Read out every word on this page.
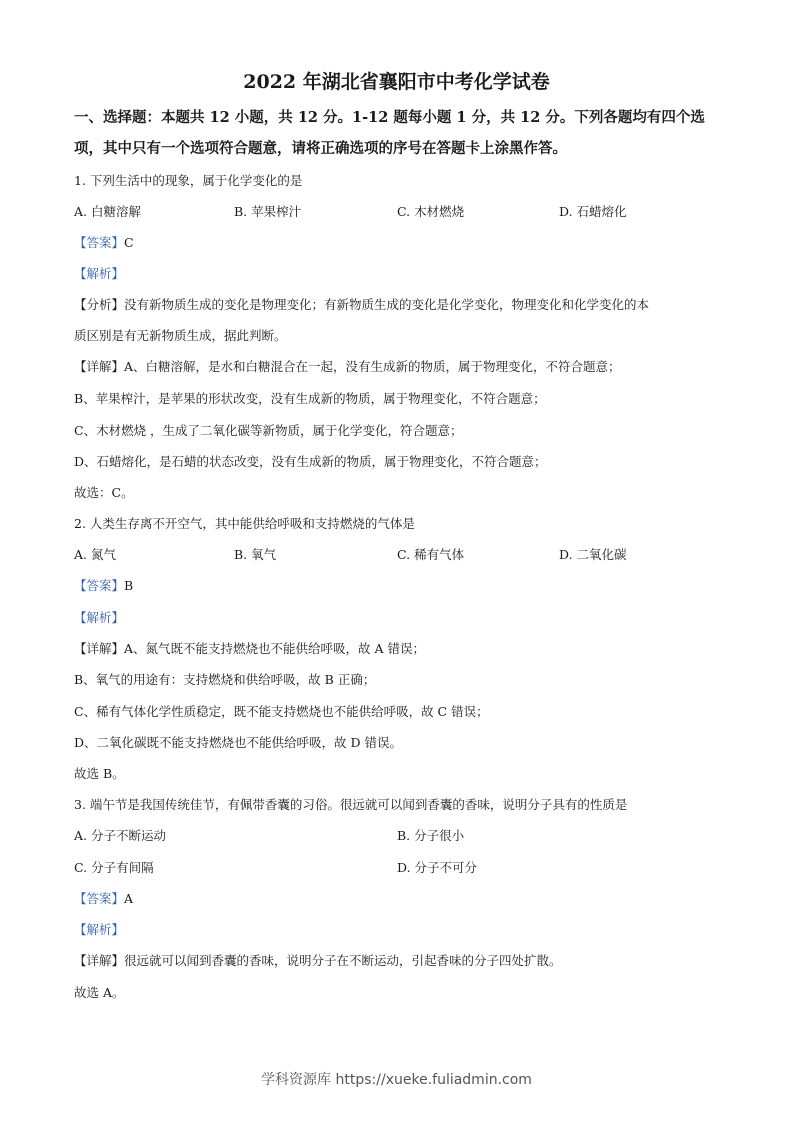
2022 年湖北省襄阳市中考化学试卷
一、选择题：本题共 12 小题，共 12 分。1-12 题每小题 1 分，共 12 分。下列各题均有四个选
项，其中只有一个选项符合题意，请将正确选项的序号在答题卡上涂黑作答。
1. 下列生活中的现象，属于化学变化的是
A. 白糖溶解	B. 苹果榨汁	C. 木材燃烧	D. 石蜡熔化
【答案】C
【解析】
【分析】没有新物质生成的变化是物理变化；有新物质生成的变化是化学变化，物理变化和化学变化的本
质区别是有无新物质生成，据此判断。
【详解】A、白糖溶解，是水和白糖混合在一起，没有生成新的物质，属于物理变化，不符合题意；
B、苹果榨汁，是苹果的形状改变，没有生成新的物质，属于物理变化，不符合题意；
C、木材燃烧 ，生成了二氧化碳等新物质，属于化学变化，符合题意；
D、石蜡熔化，是石蜡的状态改变，没有生成新的物质，属于物理变化，不符合题意；
故选：C。
2. 人类生存离不开空气，其中能供给呼吸和支持燃烧的气体是
A. 氮气	B. 氧气	C. 稀有气体	D. 二氧化碳
【答案】B
【解析】
【详解】A、氮气既不能支持燃烧也不能供给呼吸，故 A 错误；
B、氧气的用途有：支持燃烧和供给呼吸，故 B 正确；
C、稀有气体化学性质稳定，既不能支持燃烧也不能供给呼吸，故 C 错误；
D、二氧化碳既不能支持燃烧也不能供给呼吸，故 D 错误。
故选 B。
3. 端午节是我国传统佳节，有佩带香囊的习俗。很远就可以闻到香囊的香味，说明分子具有的性质是
A. 分子不断运动	B. 分子很小
C. 分子有间隔	D. 分子不可分
【答案】A
【解析】
【详解】很远就可以闻到香囊的香味，说明分子在不断运动，引起香味的分子四处扩散。
故选 A。
学科资源库 https://xueke.fuliadmin.com
